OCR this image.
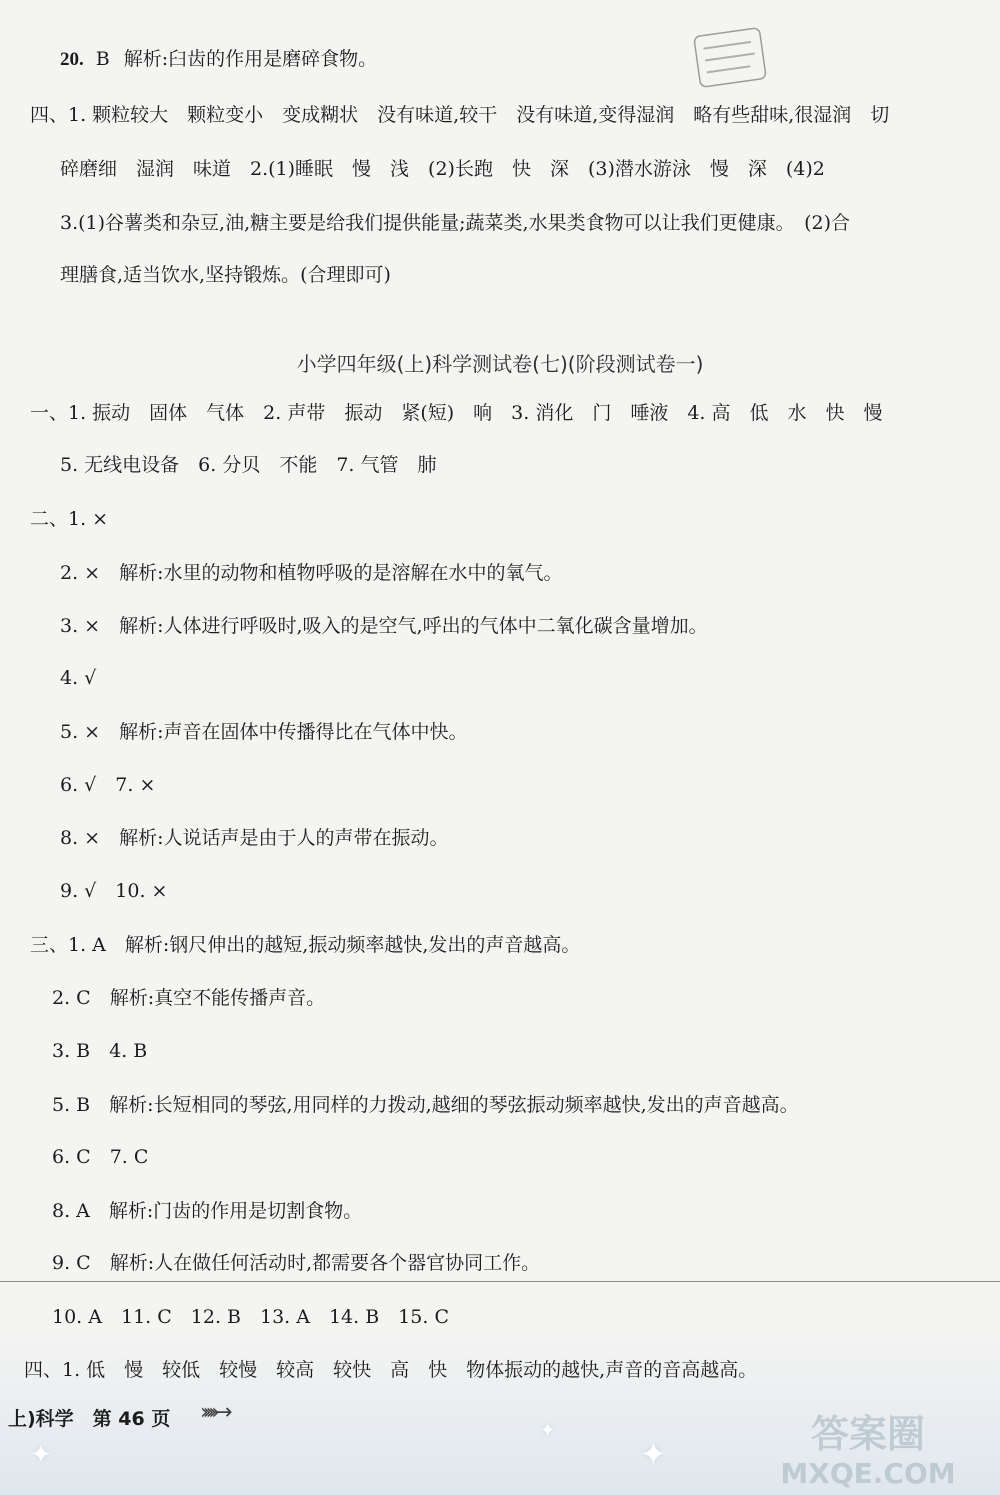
20. B 解析:臼齿的作用是磨碎食物。
四、1. 颗粒较大　颗粒变小　变成糊状　没有味道,较干　没有味道,变得湿润　略有些甜味,很湿润　切
碎磨细　湿润　味道　2.(1)睡眠　慢　浅　(2)长跑　快　深　(3)潜水游泳　慢　深　(4)2
3.(1)谷薯类和杂豆,油,糖主要是给我们提供能量;蔬菜类,水果类食物可以让我们更健康。　(2)合
理膳食,适当饮水,坚持锻炼。(合理即可)
小学四年级(上)科学测试卷(七)(阶段测试卷一)
一、1. 振动　固体　气体　2. 声带　振动　紧(短)　响　3. 消化　门　唾液　4. 高　低　水　快　慢
5. 无线电设备　6. 分贝　不能　7. 气管　肺
二、1. ×
2. ×　解析:水里的动物和植物呼吸的是溶解在水中的氧气。
3. ×　解析:人体进行呼吸时,吸入的是空气,呼出的气体中二氧化碳含量增加。
4. √
5. ×　解析:声音在固体中传播得比在气体中快。
6. √　7. ×
8. ×　解析:人说话声是由于人的声带在振动。
9. √　10. ×
三、1. A　解析:钢尺伸出的越短,振动频率越快,发出的声音越高。
2. C　解析:真空不能传播声音。
3. B　4. B
5. B　解析:长短相同的琴弦,用同样的力拨动,越细的琴弦振动频率越快,发出的声音越高。
6. C　7. C
8. A　解析:门齿的作用是切割食物。
9. C　解析:人在做任何活动时,都需要各个器官协同工作。
10. A　11. C　12. B　13. A　14. B　15. C
四、1. 低　慢　较低　较慢　较高　较快　高　快　物体振动的越快,声音的音高越高。
上)科学　第 46 页 ›››››→
✦
✦
✦	答案圈
MXQE.COM
